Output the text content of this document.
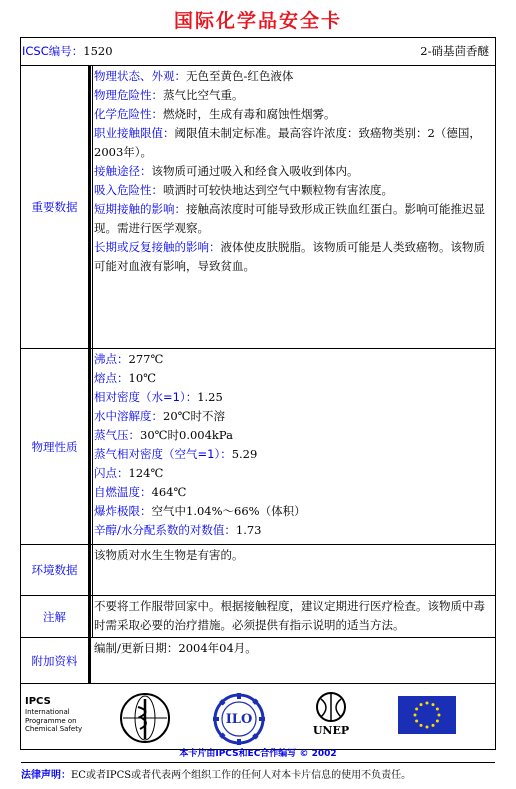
国际化学品安全卡
ICSC编号：1520	2-硝基茴香醚
重要数据
物理状态、外观：无色至黄色-红色液体
物理危险性：蒸气比空气重。
化学危险性：燃烧时，生成有毒和腐蚀性烟雾。
职业接触限值：阈限值未制定标准。最高容许浓度：致癌物类别：2（德国，2003年）。
接触途径：该物质可通过吸入和经食入吸收到体内。
吸入危险性：喷洒时可较快地达到空气中颗粒物有害浓度。
短期接触的影响：接触高浓度时可能导致形成正铁血红蛋白。影响可能推迟显现。需进行医学观察。
长期或反复接触的影响：液体使皮肤脱脂。该物质可能是人类致癌物。该物质可能对血液有影响，导致贫血。
物理性质
沸点：277℃
熔点：10℃
相对密度（水=1）：1.25
水中溶解度：20℃时不溶
蒸气压：30℃时0.004kPa
蒸气相对密度（空气=1）：5.29
闪点：124℃
自燃温度：464℃
爆炸极限：空气中1.04%～66%（体积）
辛醇/水分配系数的对数值：1.73
环境数据
该物质对水生生物是有害的。
注解
不要将工作服带回家中。根据接触程度，建议定期进行医疗检查。该物质中毒时需采取必要的治疗措施。必须提供有指示说明的适当方法。
附加资料
编制/更新日期：2004年04月。
IPCS
International
Programme on
Chemical Safety
ILO
UNEP
本卡片由IPCS和EC合作编写 © 2002
法律声明：EC或者IPCS或者代表两个组织工作的任何人对本卡片信息的使用不负责任。
